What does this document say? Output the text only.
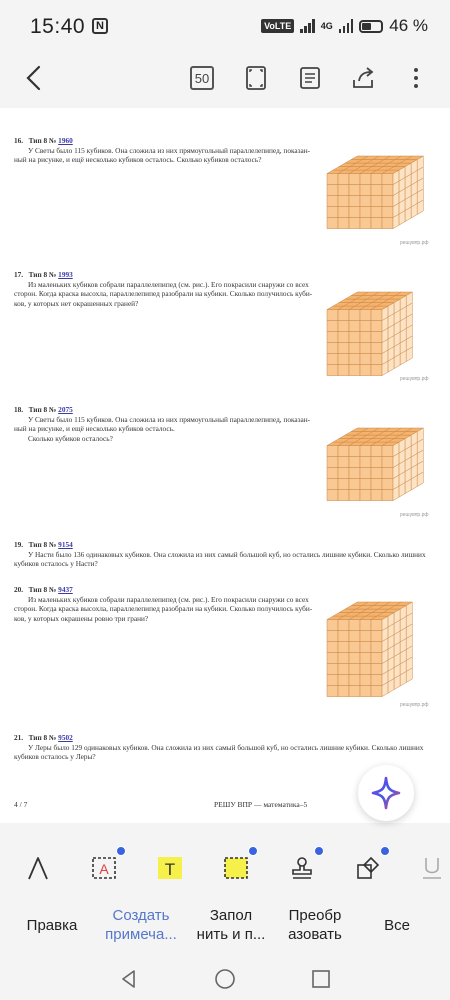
15:40 N	VoLTE	4G	46 %
50
16. Тип 8 № 1960
У Светы было 115 кубиков. Она сложила из них прямоугольный параллелепипед, показан-
ный на рисунке, и ещё несколько кубиков осталось. Сколько кубиков осталось?
17. Тип 8 № 1993
Из маленьких кубиков собрали параллелепипед (см. рис.). Его покрасили снаружи со всех
сторон. Когда краска высохла, параллелепипед разобрали на кубики. Сколько получилось куби-
ков, у которых нет окрашенных граней?
18. Тип 8 № 2075
У Светы было 115 кубиков. Она сложила из них прямоугольный параллелепипед, показан-
ный на рисунке, и ещё несколько кубиков осталось.
Сколько кубиков осталось?
19. Тип 8 № 9154
У Насти было 136 одинаковых кубиков. Она сложила из них самый большой куб, но остались лишние кубики. Сколько лишних
кубиков осталось у Насти?
20. Тип 8 № 9437
Из маленьких кубиков собрали параллелепипед (см. рис.). Его покрасили снаружи со всех
сторон. Когда краска высохла, параллелепипед разобрали на кубики. Сколько получилось куби-
ков, у которых окрашены ровно три грани?
21. Тип 8 № 9502
У Леры было 129 одинаковых кубиков. Она сложила из них самый большой куб, но остались лишние кубики. Сколько лишних
кубиков осталось у Леры?
решувпр.рф
решувпр.рф
решувпр.рф
решувпр.рф
4 / 7	РЕШУ ВПР — математика–5
A	T
Правка
Создать
примеча...
Запол
нить и п...
Преобр
азовать
Все
